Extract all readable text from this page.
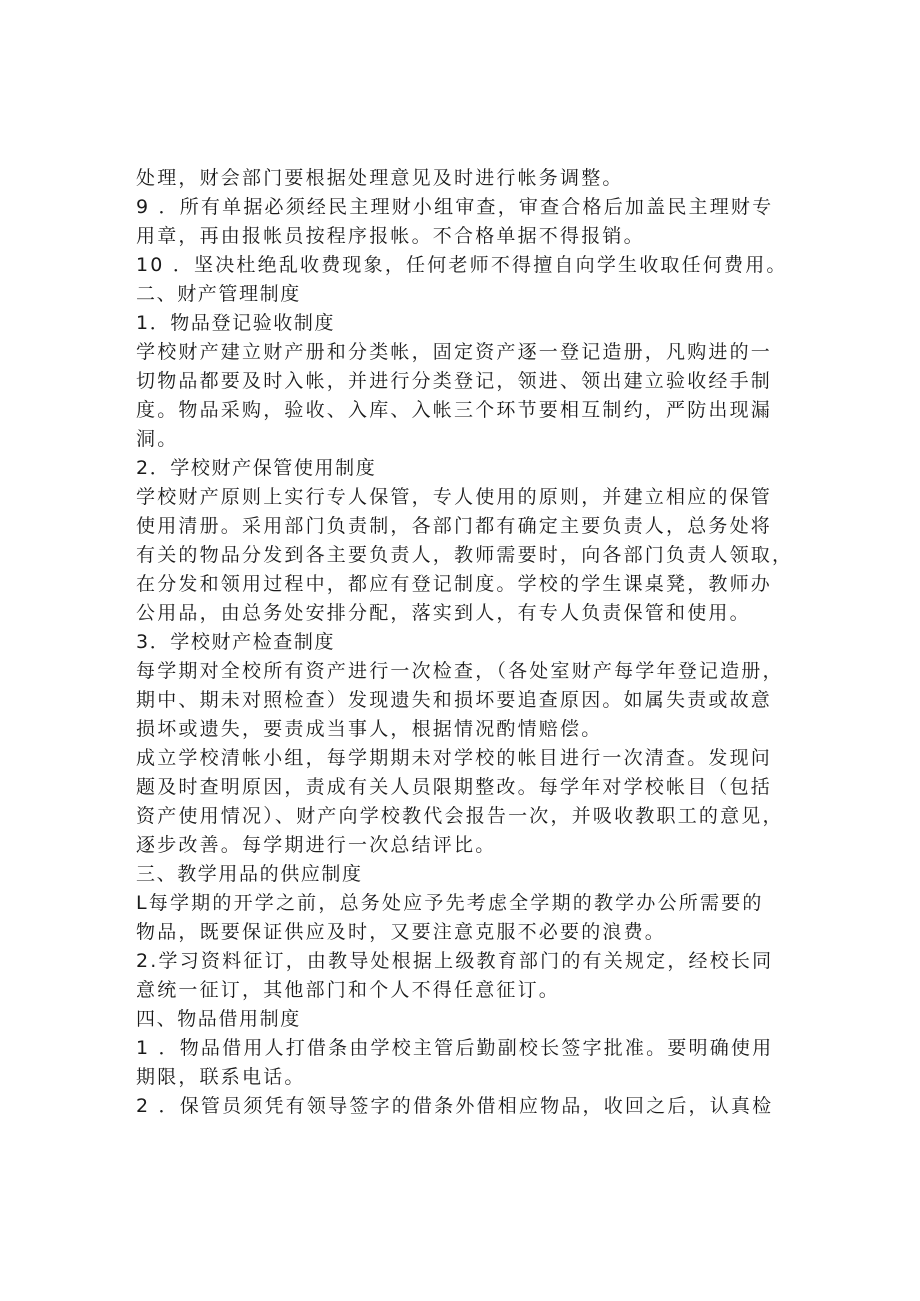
处理，财会部门要根据处理意见及时进行帐务调整。
9 ．所有单据必须经民主理财小组审查，审查合格后加盖民主理财专
用章，再由报帐员按程序报帐。不合格单据不得报销。
10 ．坚决杜绝乱收费现象，任何老师不得擅自向学生收取任何费用。
二、财产管理制度
1．物品登记验收制度
学校财产建立财产册和分类帐，固定资产逐一登记造册，凡购进的一
切物品都要及时入帐，并进行分类登记，领进、领出建立验收经手制
度。物品采购，验收、入库、入帐三个环节要相互制约，严防出现漏
洞。
2．学校财产保管使用制度
学校财产原则上实行专人保管，专人使用的原则，并建立相应的保管
使用清册。采用部门负责制，各部门都有确定主要负责人，总务处将
有关的物品分发到各主要负责人，教师需要时，向各部门负责人领取，
在分发和领用过程中，都应有登记制度。学校的学生课桌凳，教师办
公用品，由总务处安排分配，落实到人，有专人负责保管和使用。
3．学校财产检查制度
每学期对全校所有资产进行一次检查，（各处室财产每学年登记造册，
期中、期未对照检查）发现遗失和损坏要追查原因。如属失责或故意
损坏或遗失，要责成当事人，根据情况酌情赔偿。
成立学校清帐小组，每学期期未对学校的帐目进行一次清查。发现问
题及时查明原因，责成有关人员限期整改。每学年对学校帐目（包括
资产使用情况）、财产向学校教代会报告一次，并吸收教职工的意见，
逐步改善。每学期进行一次总结评比。
三、教学用品的供应制度
L每学期的开学之前，总务处应予先考虑全学期的教学办公所需要的
物品，既要保证供应及时，又要注意克服不必要的浪费。
2.学习资料征订，由教导处根据上级教育部门的有关规定，经校长同
意统一征订，其他部门和个人不得任意征订。
四、物品借用制度
1 ．物品借用人打借条由学校主管后勤副校长签字批准。要明确使用
期限，联系电话。
2 ．保管员须凭有领导签字的借条外借相应物品，收回之后，认真检
